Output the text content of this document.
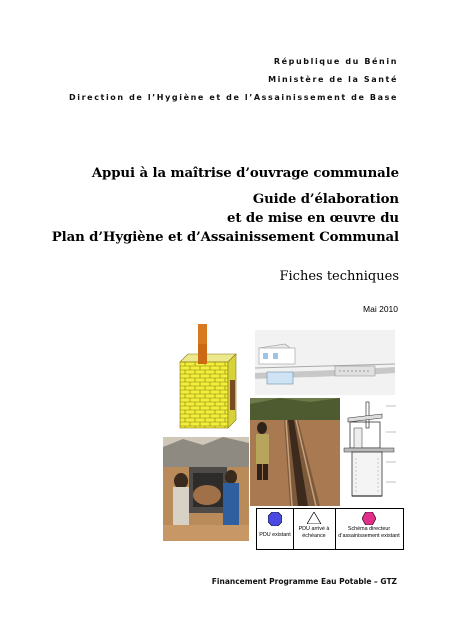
République du Bénin
Ministère de la Santé
Direction de l’Hygiène et de l’Assainissement de Base
Appui à la maîtrise d’ouvrage communale
Guide d’élaboration
et de mise en œuvre du
Plan d’Hygiène et d’Assainissement Communal
Fiches techniques
Mai 2010
PDU existant
PDU arrivé à échéance
Schéma directeur d’assainissement existant
Financement Programme Eau Potable – GTZ
